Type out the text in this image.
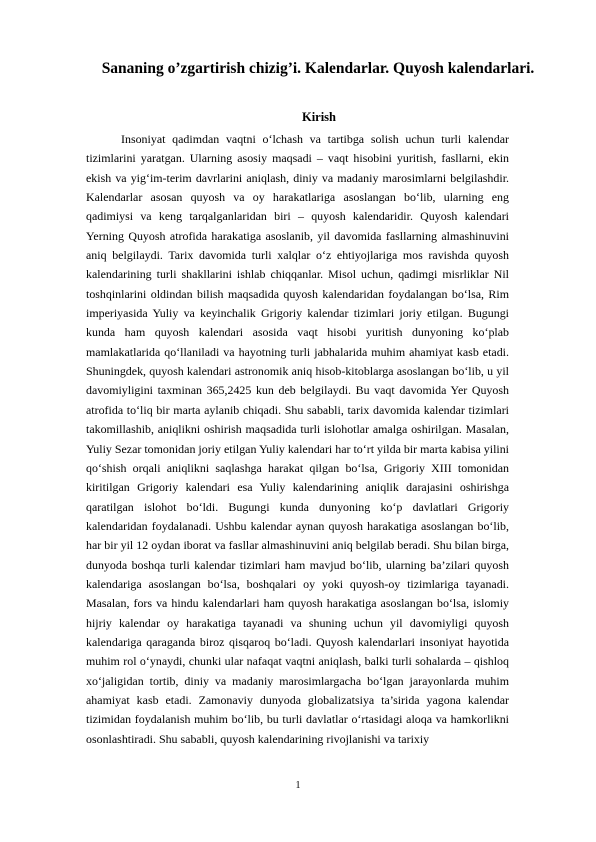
Sananing o’zgartirish chizig’i. Kalendarlar. Quyosh kalendarlari.
Kirish

Insoniyat qadimdan vaqtni o‘lchash va tartibga solish uchun turli kalendar tizimlarini yaratgan. Ularning asosiy maqsadi – vaqt hisobini yuritish, fasllarni, ekin ekish va yig‘im-terim davrlarini aniqlash, diniy va madaniy marosimlarni belgilashdir. Kalendarlar asosan quyosh va oy harakatlariga asoslangan bo‘lib, ularning eng qadimiysi va keng tarqalganlaridan biri – quyosh kalendaridir. Quyosh kalendari Yerning Quyosh atrofida harakatiga asoslanib, yil davomida fasllarning almashinuvini aniq belgilaydi. Tarix davomida turli xalqlar o‘z ehtiyojlariga mos ravishda quyosh kalendarining turli shakllarini ishlab chiqqanlar. Misol uchun, qadimgi misrliklar Nil toshqinlarini oldindan bilish maqsadida quyosh kalendaridan foydalangan bo‘lsa, Rim imperiyasida Yuliy va keyinchalik Grigoriy kalendar tizimlari joriy etilgan. Bugungi kunda ham quyosh kalendari asosida vaqt hisobi yuritish dunyoning ko‘plab mamlakatlarida qo‘llaniladi va hayotning turli jabhalarida muhim ahamiyat kasb etadi. Shuningdek, quyosh kalendari astronomik aniq hisob-kitoblarga asoslangan bo‘lib, u yil davomiyligini taxminan 365,2425 kun deb belgilaydi. Bu vaqt davomida Yer Quyosh atrofida to‘liq bir marta aylanib chiqadi. Shu sababli, tarix davomida kalendar tizimlari takomillashib, aniqlikni oshirish maqsadida turli islohotlar amalga oshirilgan. Masalan, Yuliy Sezar tomonidan joriy etilgan Yuliy kalendari har to‘rt yilda bir marta kabisa yilini qo‘shish orqali aniqlikni saqlashga harakat qilgan bo‘lsa, Grigoriy XIII tomonidan kiritilgan Grigoriy kalendari esa Yuliy kalendarining aniqlik darajasini oshirishga qaratilgan islohot bo‘ldi. Bugungi kunda dunyoning ko‘p davlatlari Grigoriy kalendaridan foydalanadi. Ushbu kalendar aynan quyosh harakatiga asoslangan bo‘lib, har bir yil 12 oydan iborat va fasllar almashinuvini aniq belgilab beradi. Shu bilan birga, dunyoda boshqa turli kalendar tizimlari ham mavjud bo‘lib, ularning ba’zilari quyosh kalendariga asoslangan bo‘lsa, boshqalari oy yoki quyosh-oy tizimlariga tayanadi. Masalan, fors va hindu kalendarlari ham quyosh harakatiga asoslangan bo‘lsa, islomiy hijriy kalendar oy harakatiga tayanadi va shuning uchun yil davomiyligi quyosh kalendariga qaraganda biroz qisqaroq bo‘ladi. Quyosh kalendarlari insoniyat hayotida muhim rol o‘ynaydi, chunki ular nafaqat vaqtni aniqlash, balki turli sohalarda – qishloq xo‘jaligidan tortib, diniy va madaniy marosimlargacha bo‘lgan jarayonlarda muhim ahamiyat kasb etadi. Zamonaviy dunyoda globalizatsiya ta’sirida yagona kalendar tizimidan foydalanish muhim bo‘lib, bu turli davlatlar o‘rtasidagi aloqa va hamkorlikni osonlashtiradi. Shu sababli, quyosh kalendarining rivojlanishi va tarixiy

1
